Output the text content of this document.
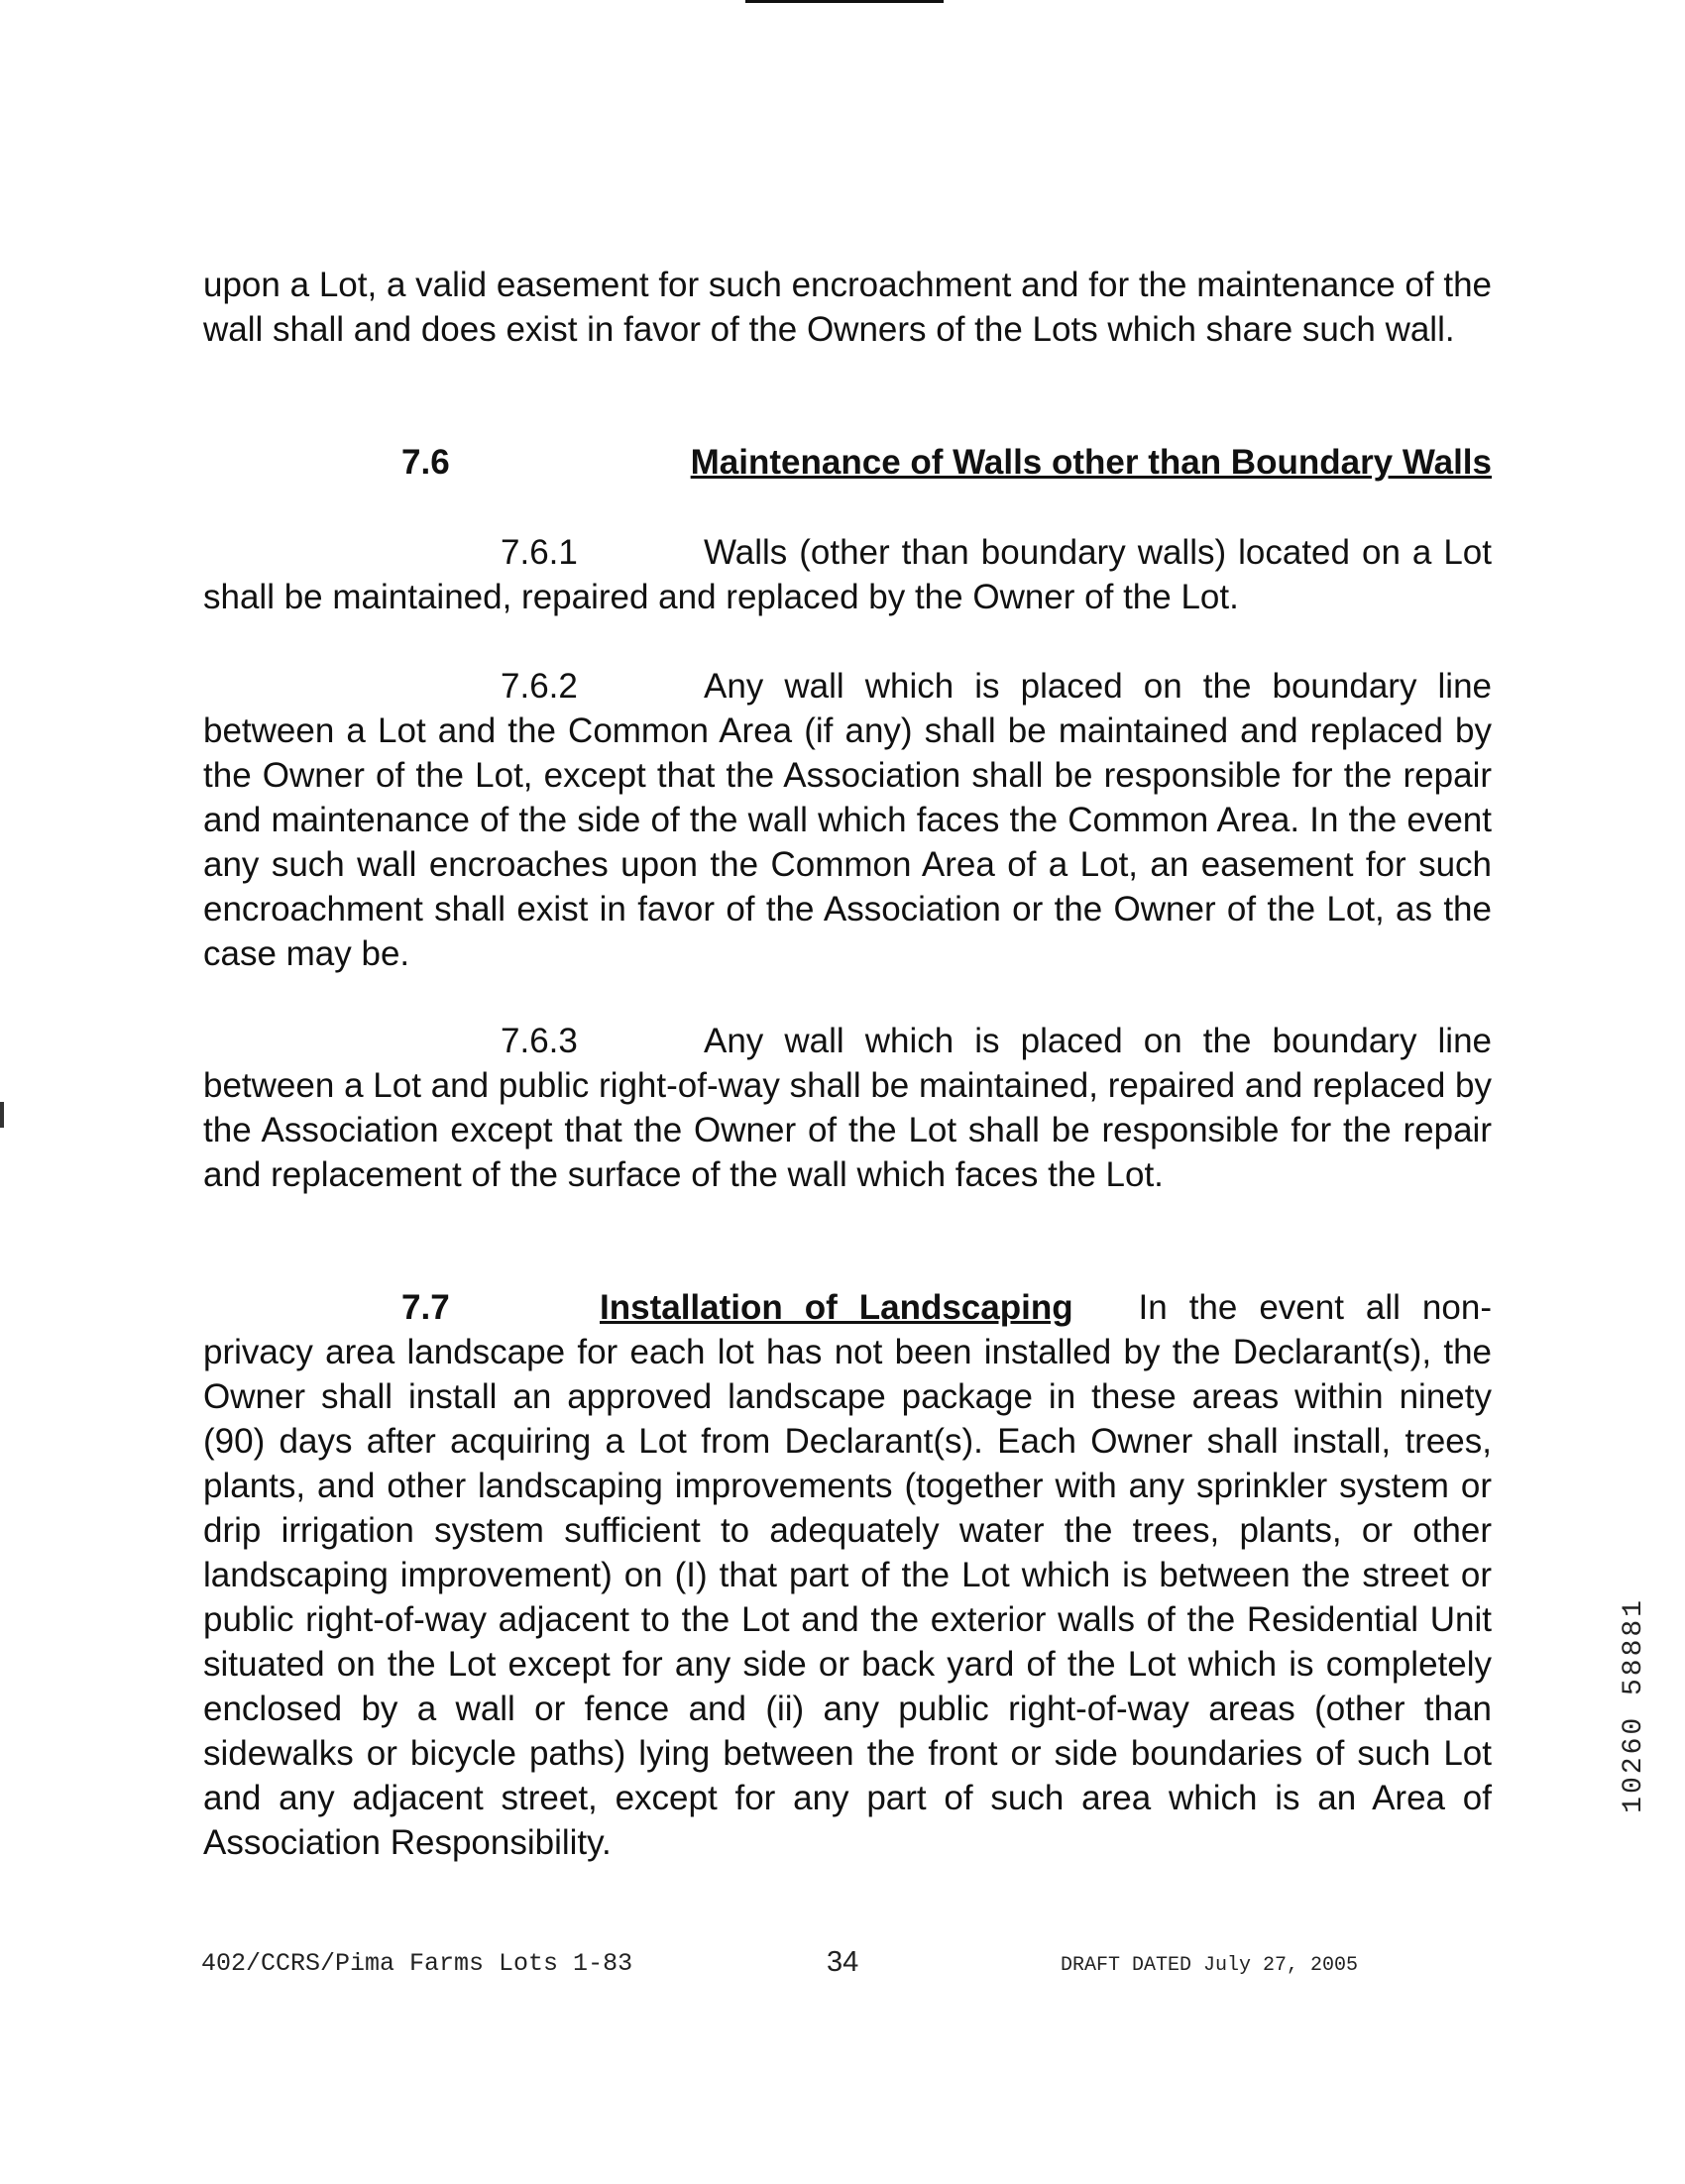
upon a Lot, a valid easement for such encroachment and for the maintenance of the wall shall and does exist in favor of the Owners of the Lots which share such wall.

7.6	Maintenance of Walls other than Boundary Walls

7.6.1	Walls (other than boundary walls) located on a Lot shall be maintained, repaired and replaced by the Owner of the Lot.

7.6.2	Any wall which is placed on the boundary line between a Lot and the Common Area (if any) shall be maintained and replaced by the Owner of the Lot, except that the Association shall be responsible for the repair and maintenance of the side of the wall which faces the Common Area. In the event any such wall encroaches upon the Common Area of a Lot, an easement for such encroachment shall exist in favor of the Association or the Owner of the Lot, as the case may be.

7.6.3	Any wall which is placed on the boundary line between a Lot and public right-of-way shall be maintained, repaired and replaced by the Association except that the Owner of the Lot shall be responsible for the repair and replacement of the surface of the wall which faces the Lot.

7.7	Installation of Landscaping In the event all non-privacy area landscape for each lot has not been installed by the Declarant(s), the Owner shall install an approved landscape package in these areas within ninety (90) days after acquiring a Lot from Declarant(s). Each Owner shall install, trees, plants, and other landscaping improvements (together with any sprinkler system or drip irrigation system sufficient to adequately water the trees, plants, or other landscaping improvement) on (I) that part of the Lot which is between the street or public right-of-way adjacent to the Lot and the exterior walls of the Residential Unit situated on the Lot except for any side or back yard of the Lot which is completely enclosed by a wall or fence and (ii) any public right-of-way areas (other than sidewalks or bicycle paths) lying between the front or side boundaries of such Lot and any adjacent street, except for any part of such area which is an Area of Association Responsibility.

10260 58881
402/CCRS/Pima Farms Lots 1-83	34	DRAFT DATED July 27, 2005
